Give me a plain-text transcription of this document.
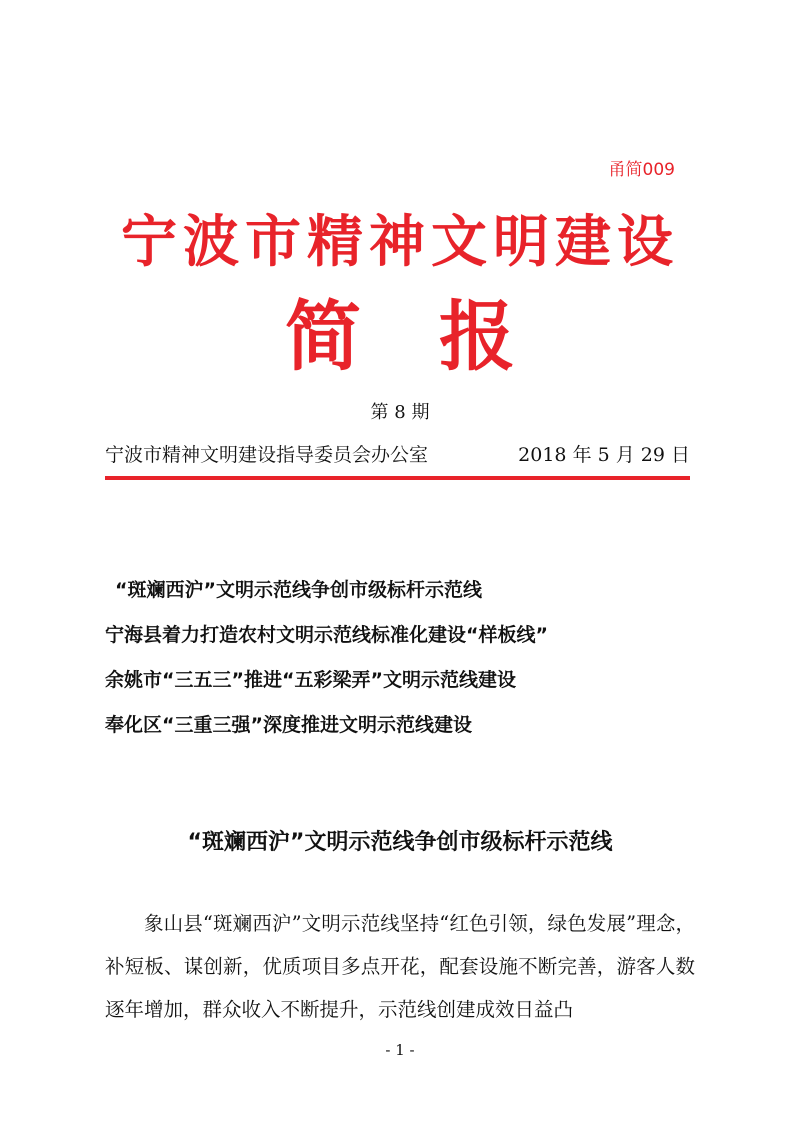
甬简009
宁波市精神文明建设
简报
第 8 期
宁波市精神文明建设指导委员会办公室	2018 年 5 月 29 日
“斑斓西沪”文明示范线争创市级标杆示范线
宁海县着力打造农村文明示范线标准化建设“样板线”
余姚市“三五三”推进“五彩梁弄”文明示范线建设
奉化区“三重三强”深度推进文明示范线建设
“斑斓西沪”文明示范线争创市级标杆示范线

象山县“斑斓西沪”文明示范线坚持“红色引领，绿色发展”理念，补短板、谋创新，优质项目多点开花，配套设施不断完善，游客人数逐年增加，群众收入不断提升，示范线创建成效日益凸

- 1 -
